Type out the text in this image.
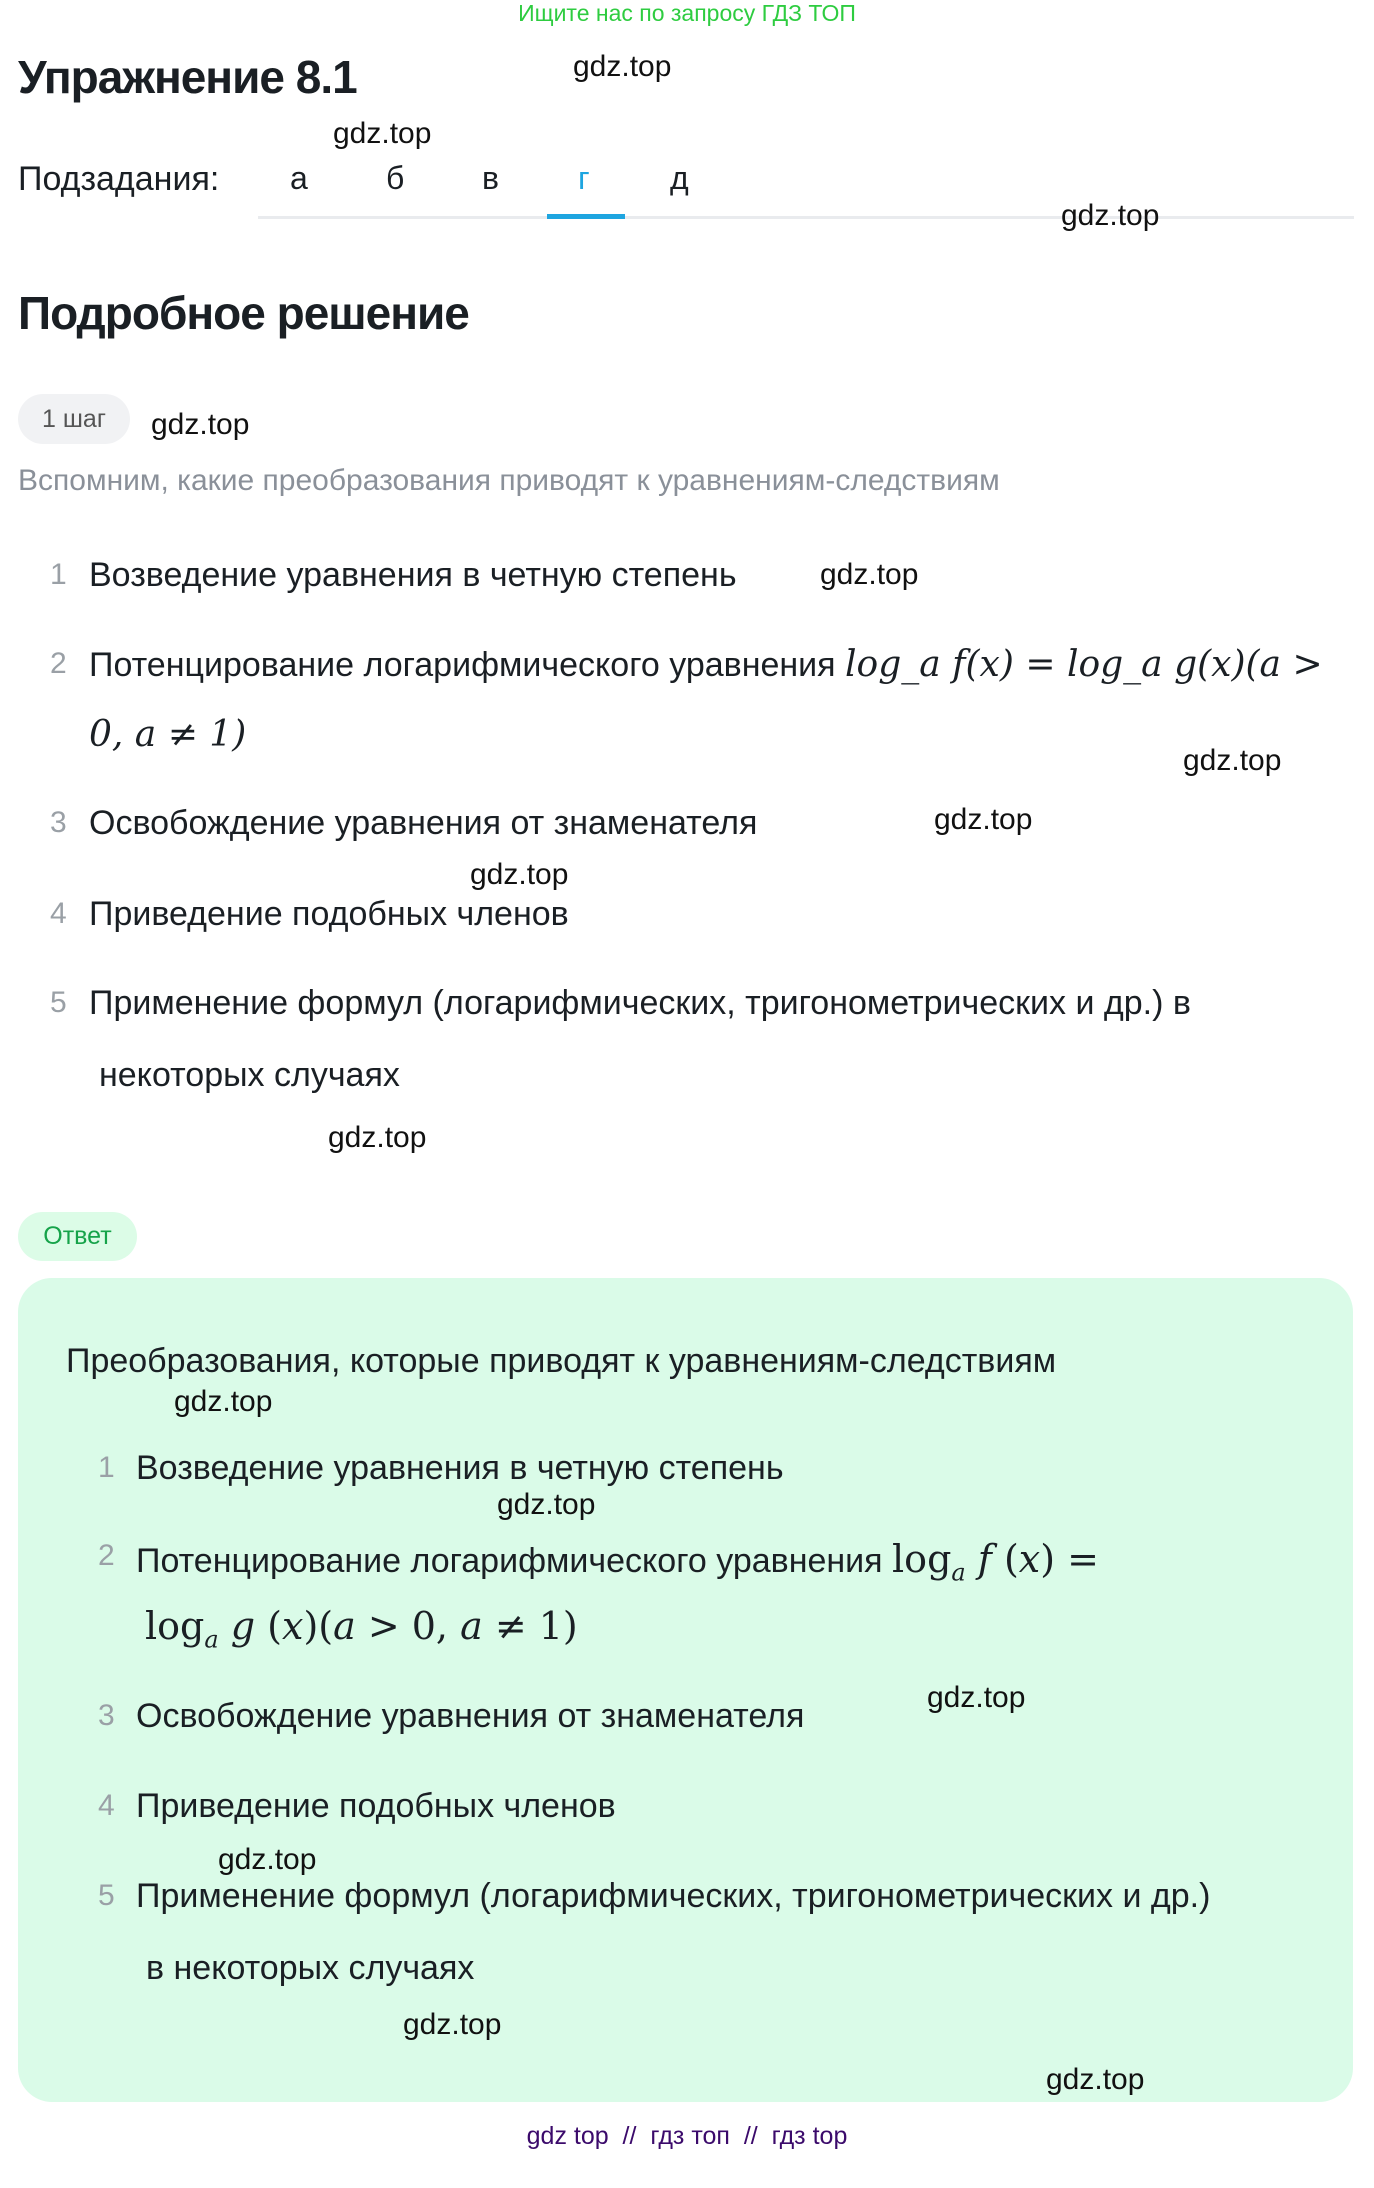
Ищите нас по запросу ГДЗ ТОП
Упражнение 8.1
Подзадания: а б в г	д
Подробное решение
1 шаг
Вспомним, какие преобразования приводят к уравнениям-следствиям
1 Возведение уравнения в четную степень
2 Потенцирование логарифмического уравнения log_a f(x) = log_a g(x)(a > 0, a ≠ 1)
3 Освобождение уравнения от знаменателя
4 Приведение подобных членов
5 Применение формул (логарифмических, тригонометрических и др.) в
некоторых случаях
Ответ
Преобразования, которые приводят к уравнениям-следствиям
1 Возведение уравнения в четную степень
2 Потенцирование логарифмического уравнения $\log_a f$ (x) =
$\log_a g$ (x)(a > 0, a ≠ 1)
3 Освобождение уравнения от знаменателя
4 Приведение подобных членов
5 Применение формул (логарифмических, тригонометрических и др.)
в некоторых случаях
gdz.top
gdz.top
gdz.top
gdz.top
gdz.top
gdz.top
gdz.top
gdz.top
gdz.top
gdz.top
gdz.top
gdz.top
gdz.top
gdz.top
gdz.top
gdz top  //  гдз топ  //  гдз top
